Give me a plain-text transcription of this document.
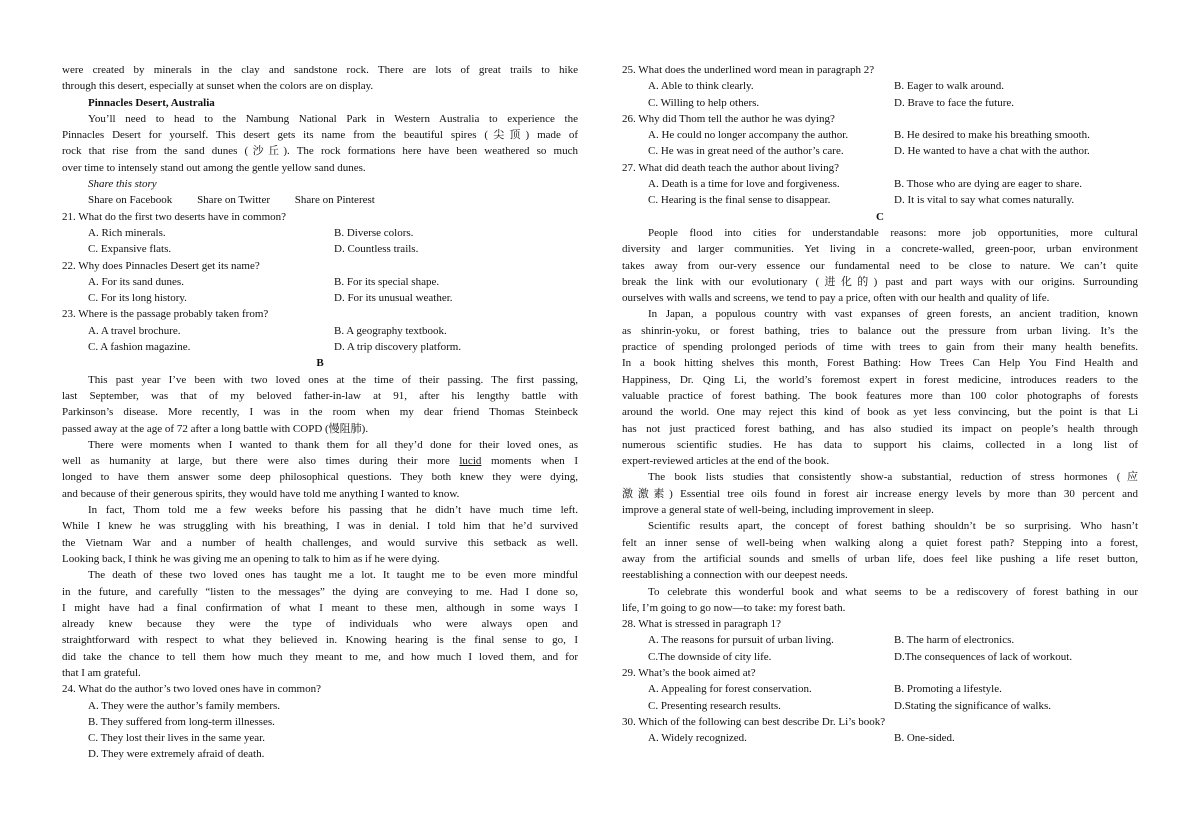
were created by minerals in the clay and sandstone rock. There are lots of great trails to hike
through this desert, especially at sunset when the colors are on display.
Pinnacles Desert, Australia
You’ll need to head to the Nambung National Park in Western Australia to experience the
Pinnacles Desert for yourself. This desert gets its name from the beautiful spires (尖顶) made of
rock that rise from the sand dunes (沙丘). The rock formations here have been weathered so much
over time to intensely stand out among the gentle yellow sand dunes.
Share this story
Share on Facebook Share on Twitter Share on Pinterest
21. What do the first two deserts have in common?
A. Rich minerals.	B. Diverse colors.
C. Expansive flats.	D. Countless trails.
22. Why does Pinnacles Desert get its name?
A. For its sand dunes.	B. For its special shape.
C. For its long history.	D. For its unusual weather.
23. Where is the passage probably taken from?
A. A travel brochure.	B. A geography textbook.
C. A fashion magazine.	D. A trip discovery platform.
B
This past year I’ve been with two loved ones at the time of their passing. The first passing,
last September, was that of my beloved father-in-law at 91, after his lengthy battle with
Parkinson’s disease. More recently, I was in the room when my dear friend Thomas Steinbeck
passed away at the age of 72 after a long battle with COPD (慢阻肺).
There were moments when I wanted to thank them for all they’d done for their loved ones, as
well as humanity at large, but there were also times during their more lucid moments when I
longed to have them answer some deep philosophical questions. They both knew they were dying,
and because of their generous spirits, they would have told me anything I wanted to know.
In fact, Thom told me a few weeks before his passing that he didn’t have much time left.
While I knew he was struggling with his breathing, I was in denial. I told him that he’d survived
the Vietnam War and a number of health challenges, and would survive this setback as well.
Looking back, I think he was giving me an opening to talk to him as if he were dying.
The death of these two loved ones has taught me a lot. It taught me to be even more mindful
in the future, and carefully “listen to the messages” the dying are conveying to me. Had I done so,
I might have had a final confirmation of what I meant to these men, although in some ways I
already knew because they were the type of individuals who were always open and
straightforward with respect to what they believed in. Knowing hearing is the final sense to go, I
did take the chance to tell them how much they meant to me, and how much I loved them, and for
that I am grateful.
24. What do the author’s two loved ones have in common?
A. They were the author’s family members.
B. They suffered from long-term illnesses.
C. They lost their lives in the same year.
D. They were extremely afraid of death.
25. What does the underlined word mean in paragraph 2?
A. Able to think clearly.	B. Eager to walk around.
C. Willing to help others.	D. Brave to face the future.
26. Why did Thom tell the author he was dying?
A. He could no longer accompany the author.	B. He desired to make his breathing smooth.
C. He was in great need of the author’s care.	D. He wanted to have a chat with the author.
27. What did death teach the author about living?
A. Death is a time for love and forgiveness.	B. Those who are dying are eager to share.
C. Hearing is the final sense to disappear.	D. It is vital to say what comes naturally.
C
People flood into cities for understandable reasons: more job opportunities, more cultural
diversity and larger communities. Yet living in a concrete-walled, green-poor, urban environment
takes away from our-very essence our fundamental need to be close to nature. We can’t quite
break the link with our evolutionary (进化的) past and part ways with our origins. Surrounding
ourselves with walls and screens, we tend to pay a price, often with our health and quality of life.
In Japan, a populous country with vast expanses of green forests, an ancient tradition, known
as shinrin-yoku, or forest bathing, tries to balance out the pressure from urban living. It’s the
practice of spending prolonged periods of time with trees to gain from their many health benefits.
In a book hitting shelves this month, Forest Bathing: How Trees Can Help You Find Health and
Happiness, Dr. Qing Li, the world’s foremost expert in forest medicine, introduces readers to the
valuable practice of forest bathing. The book features more than 100 color photographs of forests
around the world. One may reject this kind of book as yet less convincing, but the point is that Li
has not just practiced forest bathing, and has also studied its impact on people’s health through
numerous scientific studies. He has data to support his claims, collected in a long list of
expert-reviewed articles at the end of the book.
The book lists studies that consistently show-a substantial, reduction of stress hormones (应
激激素) Essential tree oils found in forest air increase energy levels by more than 30 percent and
improve a general state of well-being, including improvement in sleep.
Scientific results apart, the concept of forest bathing shouldn’t be so surprising. Who hasn’t
felt an inner sense of well-being when walking along a quiet forest path? Stepping into a forest,
away from the artificial sounds and smells of urban life, does feel like pushing a life reset button,
reestablishing a connection with our deepest needs.
To celebrate this wonderful book and what seems to be a rediscovery of forest bathing in our
life, I’m going to go now—to take: my forest bath.
28. What is stressed in paragraph 1?
A. The reasons for pursuit of urban living.	B. The harm of electronics.
C.The downside of city life.	D.The consequences of lack of workout.
29. What’s the book aimed at?
A. Appealing for forest conservation.	B. Promoting a lifestyle.
C. Presenting research results.	D.Stating the significance of walks.
30. Which of the following can best describe Dr. Li’s book?
A. Widely recognized.	B. One-sided.
